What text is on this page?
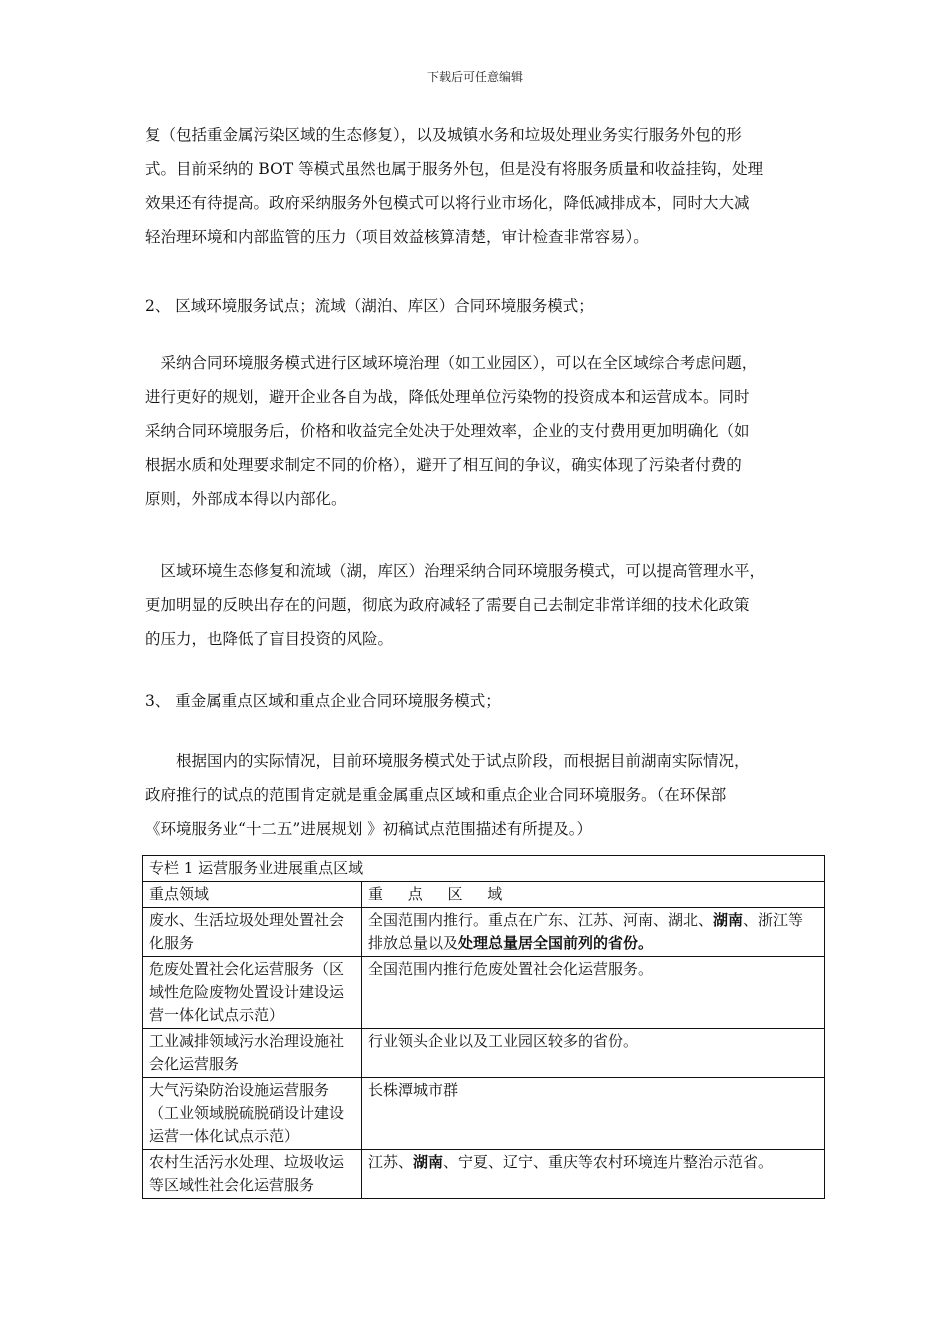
下载后可任意编辑

复（包括重金属污染区域的生态修复），以及城镇水务和垃圾处理业务实行服务外包的形

式。目前采纳的 BOT 等模式虽然也属于服务外包，但是没有将服务质量和收益挂钩，处理

效果还有待提高。政府采纳服务外包模式可以将行业市场化，降低减排成本，同时大大减

轻治理环境和内部监管的压力（项目效益核算清楚，审计检查非常容易）。

2、 区域环境服务试点；流域（湖泊、库区）合同环境服务模式；

　采纳合同环境服务模式进行区域环境治理（如工业园区），可以在全区域综合考虑问题，

进行更好的规划，避开企业各自为战，降低处理单位污染物的投资成本和运营成本。同时

采纳合同环境服务后，价格和收益完全处决于处理效率，企业的支付费用更加明确化（如

根据水质和处理要求制定不同的价格），避开了相互间的争议，确实体现了污染者付费的

原则，外部成本得以内部化。

　区域环境生态修复和流域（湖，库区）治理采纳合同环境服务模式，可以提高管理水平，

更加明显的反映出存在的问题，彻底为政府减轻了需要自己去制定非常详细的技术化政策

的压力，也降低了盲目投资的风险。

3、 重金属重点区域和重点企业合同环境服务模式；

　　根据国内的实际情况，目前环境服务模式处于试点阶段，而根据目前湖南实际情况，

政府推行的试点的范围肯定就是重金属重点区域和重点企业合同环境服务。（在环保部

《环境服务业“十二五”进展规划 》初稿试点范围描述有所提及。）

专栏 1 运营服务业进展重点区域	
重点领域	重 点 区 域
废水、生活垃圾处理处置社会化服务	全国范围内推行。重点在广东、江苏、河南、湖北、湖南、浙江等排放总量以及处理总量居全国前列的省份。
危废处置社会化运营服务（区域性危险废物处置设计建设运营一体化试点示范）	全国范围内推行危废处置社会化运营服务。
工业减排领域污水治理设施社会化运营服务	行业领头企业以及工业园区较多的省份。
大气污染防治设施运营服务（工业领域脱硫脱硝设计建设运营一体化试点示范）	长株潭城市群
农村生活污水处理、垃圾收运等区域性社会化运营服务	江苏、湖南、宁夏、辽宁、重庆等农村环境连片整治示范省。
